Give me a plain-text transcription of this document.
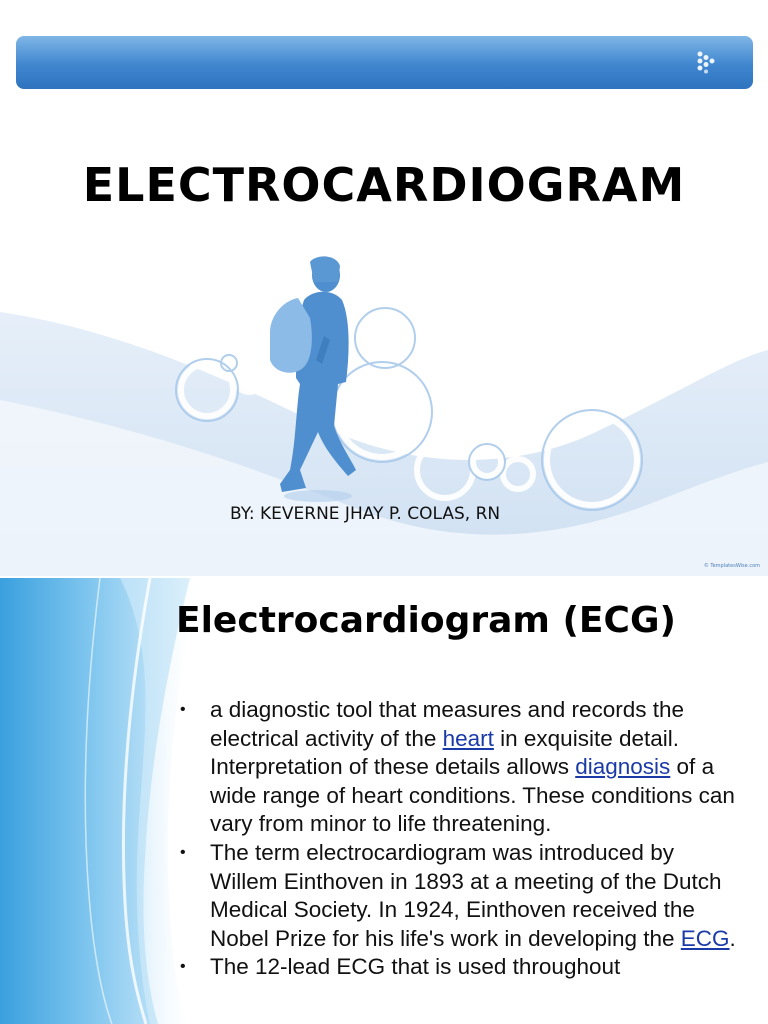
ELECTROCARDIOGRAM
BY: KEVERNE JHAY P. COLAS, RN
© TemplatesWise.com
Electrocardiogram (ECG)
• a diagnostic tool that measures and records the electrical activity of the heart in exquisite detail. Interpretation of these details allows diagnosis of a wide range of heart conditions. These conditions can vary from minor to life threatening.
• The term electrocardiogram was introduced by Willem Einthoven in 1893 at a meeting of the Dutch Medical Society. In 1924, Einthoven received the Nobel Prize for his life's work in developing the ECG.
• The 12-lead ECG that is used throughout
